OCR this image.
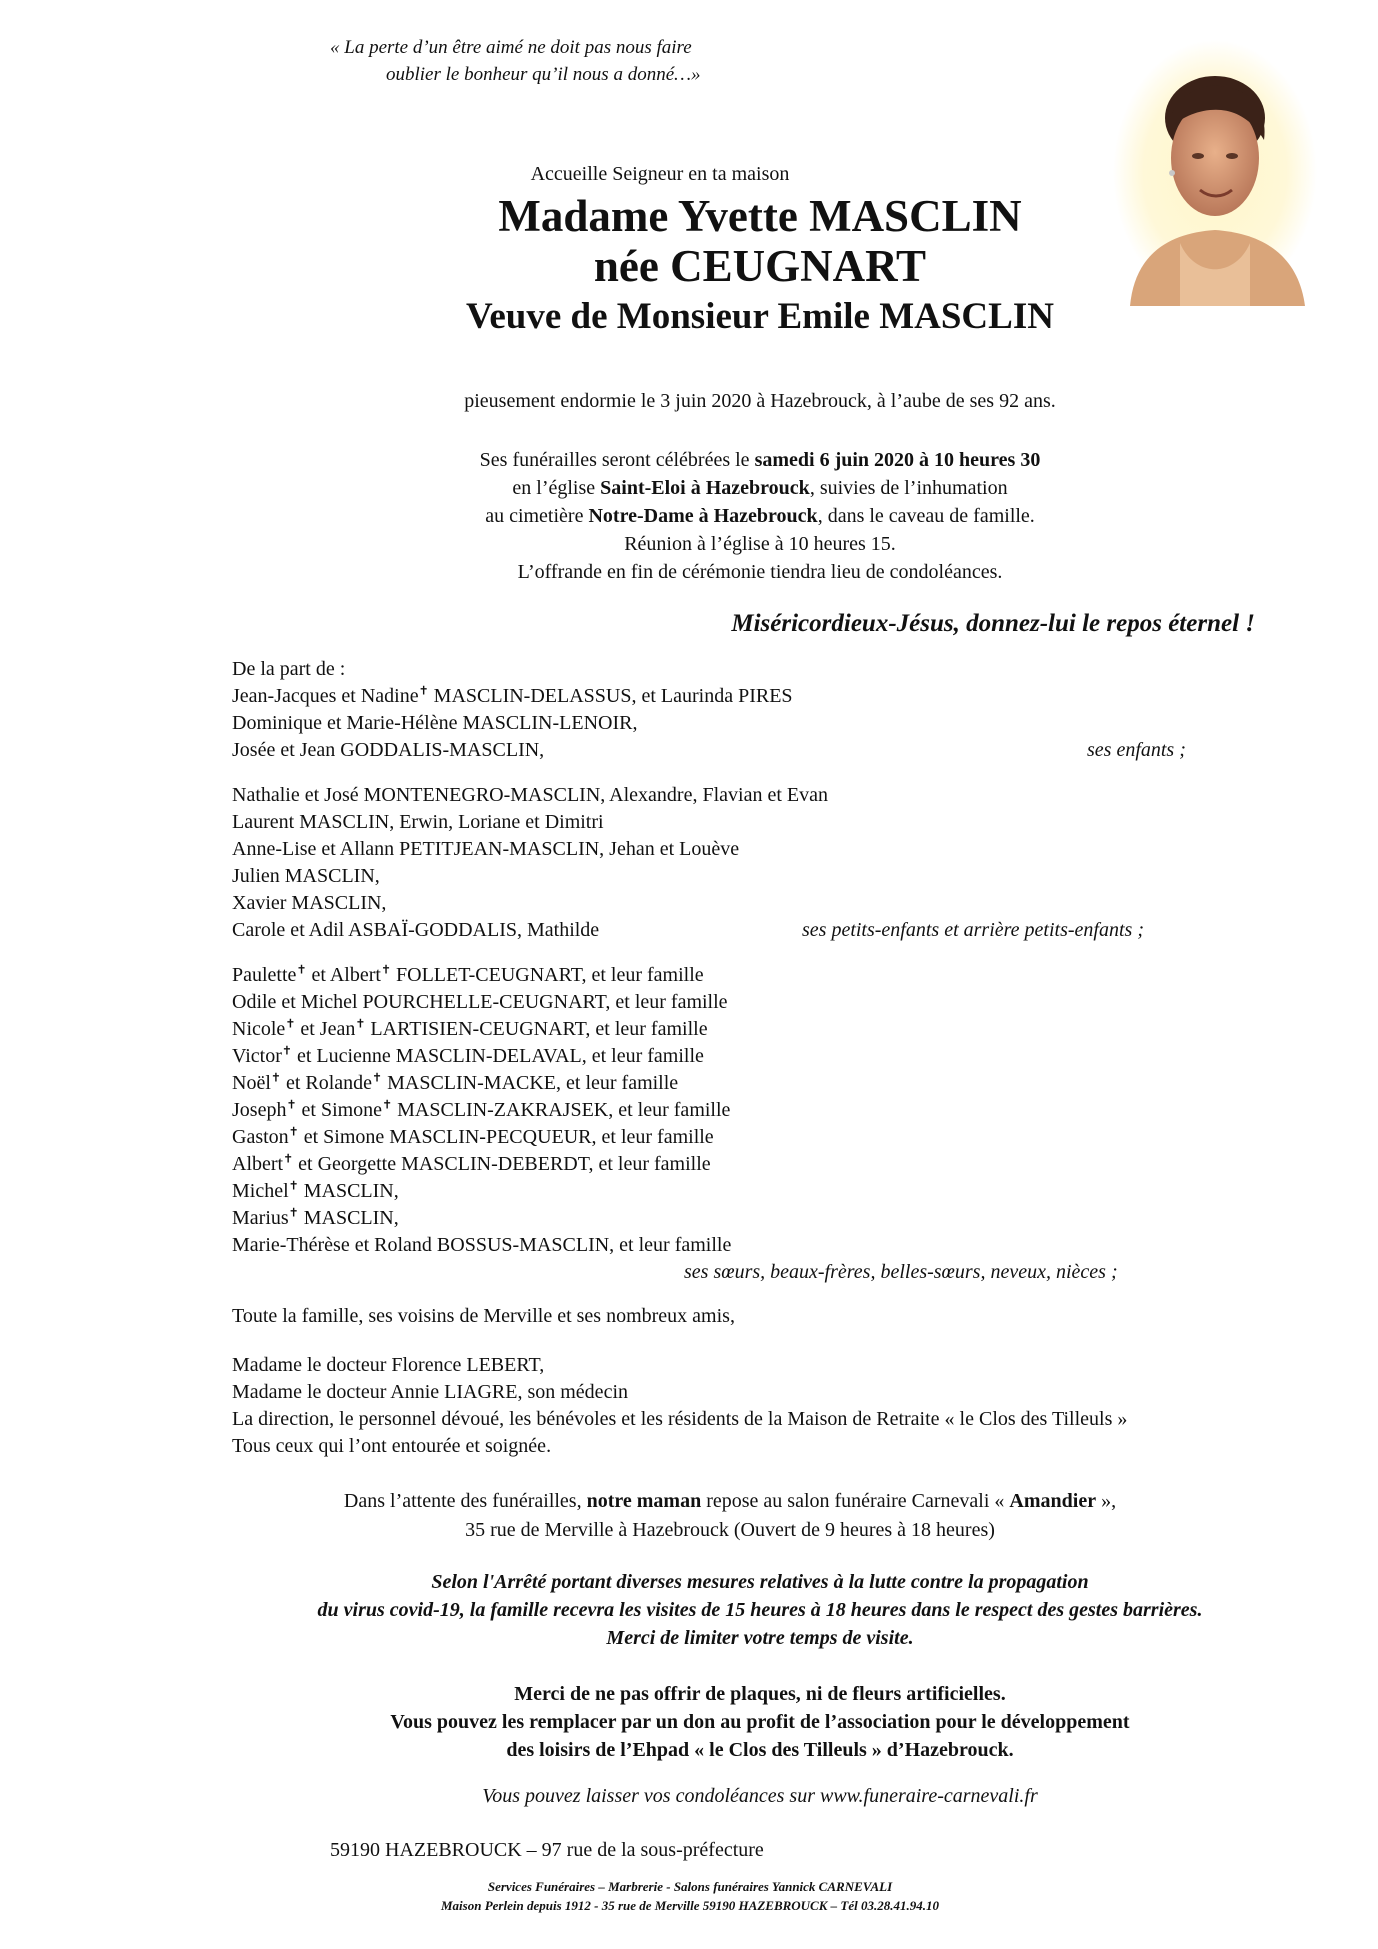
« La perte d’un être aimé ne doit pas nous faire
oublier le bonheur qu’il nous a donné…»
Accueille Seigneur en ta maison
Madame Yvette MASCLIN
née CEUGNART
Veuve de Monsieur Emile MASCLIN
pieusement endormie le 3 juin 2020 à Hazebrouck, à l’aube de ses 92 ans.
Ses funérailles seront célébrées le samedi 6 juin 2020 à 10 heures 30
en l’église Saint-Eloi à Hazebrouck, suivies de l’inhumation
au cimetière Notre-Dame à Hazebrouck, dans le caveau de famille.
Réunion à l’église à 10 heures 15.
L’offrande en fin de cérémonie tiendra lieu de condoléances.
Miséricordieux-Jésus, donnez-lui le repos éternel !
De la part de :
Jean-Jacques et Nadine✝ MASCLIN-DELASSUS, et Laurinda PIRES
Dominique et Marie-Hélène MASCLIN-LENOIR,
Josée et Jean GODDALIS-MASCLIN,	ses enfants ;
Nathalie et José MONTENEGRO-MASCLIN, Alexandre, Flavian et Evan
Laurent MASCLIN, Erwin, Loriane et Dimitri
Anne-Lise et Allann PETITJEAN-MASCLIN, Jehan et Louève
Julien MASCLIN,
Xavier MASCLIN,
Carole et Adil ASBAÏ-GODDALIS, Mathilde	ses petits-enfants et arrière petits-enfants ;
Paulette✝ et Albert✝ FOLLET-CEUGNART, et leur famille
Odile et Michel POURCHELLE-CEUGNART, et leur famille
Nicole✝ et Jean✝ LARTISIEN-CEUGNART, et leur famille
Victor✝ et Lucienne MASCLIN-DELAVAL, et leur famille
Noël✝ et Rolande✝ MASCLIN-MACKE, et leur famille
Joseph✝ et Simone✝ MASCLIN-ZAKRAJSEK, et leur famille
Gaston✝ et Simone MASCLIN-PECQUEUR, et leur famille
Albert✝ et Georgette MASCLIN-DEBERDT, et leur famille
Michel✝ MASCLIN,
Marius✝ MASCLIN,
Marie-Thérèse et Roland BOSSUS-MASCLIN, et leur famille
ses sœurs, beaux-frères, belles-sœurs, neveux, nièces ;
Toute la famille, ses voisins de Merville et ses nombreux amis,
Madame le docteur Florence LEBERT,
Madame le docteur Annie LIAGRE, son médecin
La direction, le personnel dévoué, les bénévoles et les résidents de la Maison de Retraite « le Clos des Tilleuls »
Tous ceux qui l’ont entourée et soignée.
Dans l’attente des funérailles, notre maman repose au salon funéraire Carnevali « Amandier »,
35 rue de Merville à Hazebrouck (Ouvert de 9 heures à 18 heures)
Selon l'Arrêté portant diverses mesures relatives à la lutte contre la propagation
du virus covid-19, la famille recevra les visites de 15 heures à 18 heures dans le respect des gestes barrières.
Merci de limiter votre temps de visite.
Merci de ne pas offrir de plaques, ni de fleurs artificielles.
Vous pouvez les remplacer par un don au profit de l’association pour le développement
des loisirs de l’Ehpad « le Clos des Tilleuls » d’Hazebrouck.
Vous pouvez laisser vos condoléances sur www.funeraire-carnevali.fr
59190 HAZEBROUCK – 97 rue de la sous-préfecture
Services Funéraires – Marbrerie - Salons funéraires Yannick CARNEVALI
Maison Perlein depuis 1912 - 35 rue de Merville 59190 HAZEBROUCK – Tél 03.28.41.94.10
